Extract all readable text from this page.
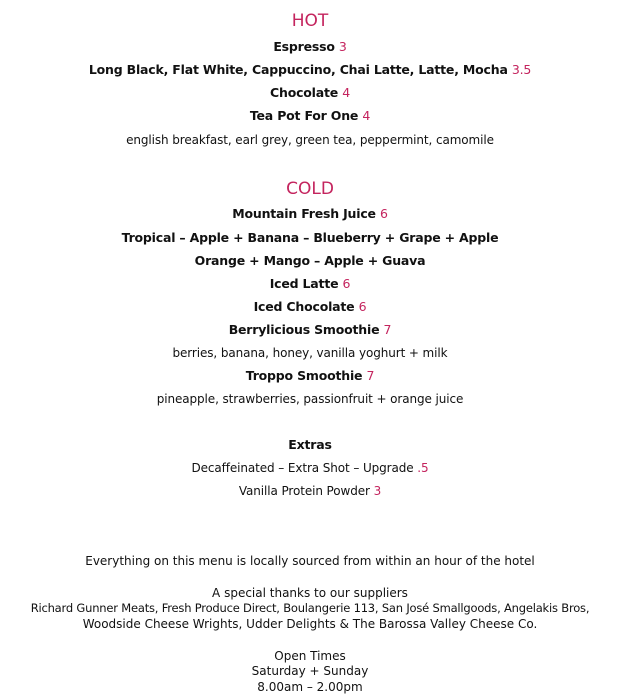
HOT
Espresso 3
Long Black, Flat White, Cappuccino, Chai Latte, Latte, Mocha 3.5
Chocolate 4
Tea Pot For One 4
english breakfast, earl grey, green tea, peppermint, camomile
COLD
Mountain Fresh Juice 6
Tropical – Apple + Banana – Blueberry + Grape + Apple
Orange + Mango – Apple + Guava
Iced Latte 6
Iced Chocolate 6
Berrylicious Smoothie 7
berries, banana, honey, vanilla yoghurt + milk
Troppo Smoothie 7
pineapple, strawberries, passionfruit + orange juice
Extras
Decaffeinated – Extra Shot – Upgrade .5
Vanilla Protein Powder 3
Everything on this menu is locally sourced from within an hour of the hotel
A special thanks to our suppliers
Richard Gunner Meats, Fresh Produce Direct, Boulangerie 113, San José Smallgoods, Angelakis Bros,
Woodside Cheese Wrights, Udder Delights & The Barossa Valley Cheese Co.
Open Times
Saturday + Sunday
8.00am – 2.00pm
